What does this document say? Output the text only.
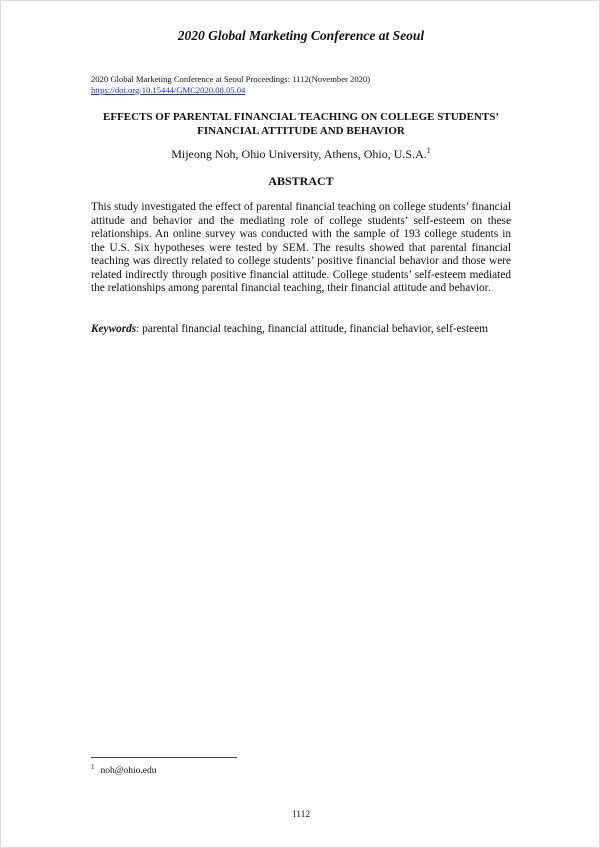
2020 Global Marketing Conference at Seoul
2020 Global Marketing Conference at Seoul Proceedings: 1112(November 2020)
https://doi.org/10.15444/GMC2020.08.05.04
EFFECTS OF PARENTAL FINANCIAL TEACHING ON COLLEGE STUDENTS’ FINANCIAL ATTITUDE AND BEHAVIOR
Mijeong Noh, Ohio University, Athens, Ohio, U.S.A.$^1$
ABSTRACT

This study investigated the effect of parental financial teaching on college students’ financial attitude and behavior and the mediating role of college students’ self-esteem on these relationships. An online survey was conducted with the sample of 193 college students in the U.S. Six hypotheses were tested by SEM. The results showed that parental financial teaching was directly related to college students’ positive financial behavior and those were related indirectly through positive financial attitude. College students’ self-esteem mediated the relationships among parental financial teaching, their financial attitude and behavior.

Keywords: parental financial teaching, financial attitude, financial behavior, self-esteem

$^1$ noh@ohio.edu
1112
